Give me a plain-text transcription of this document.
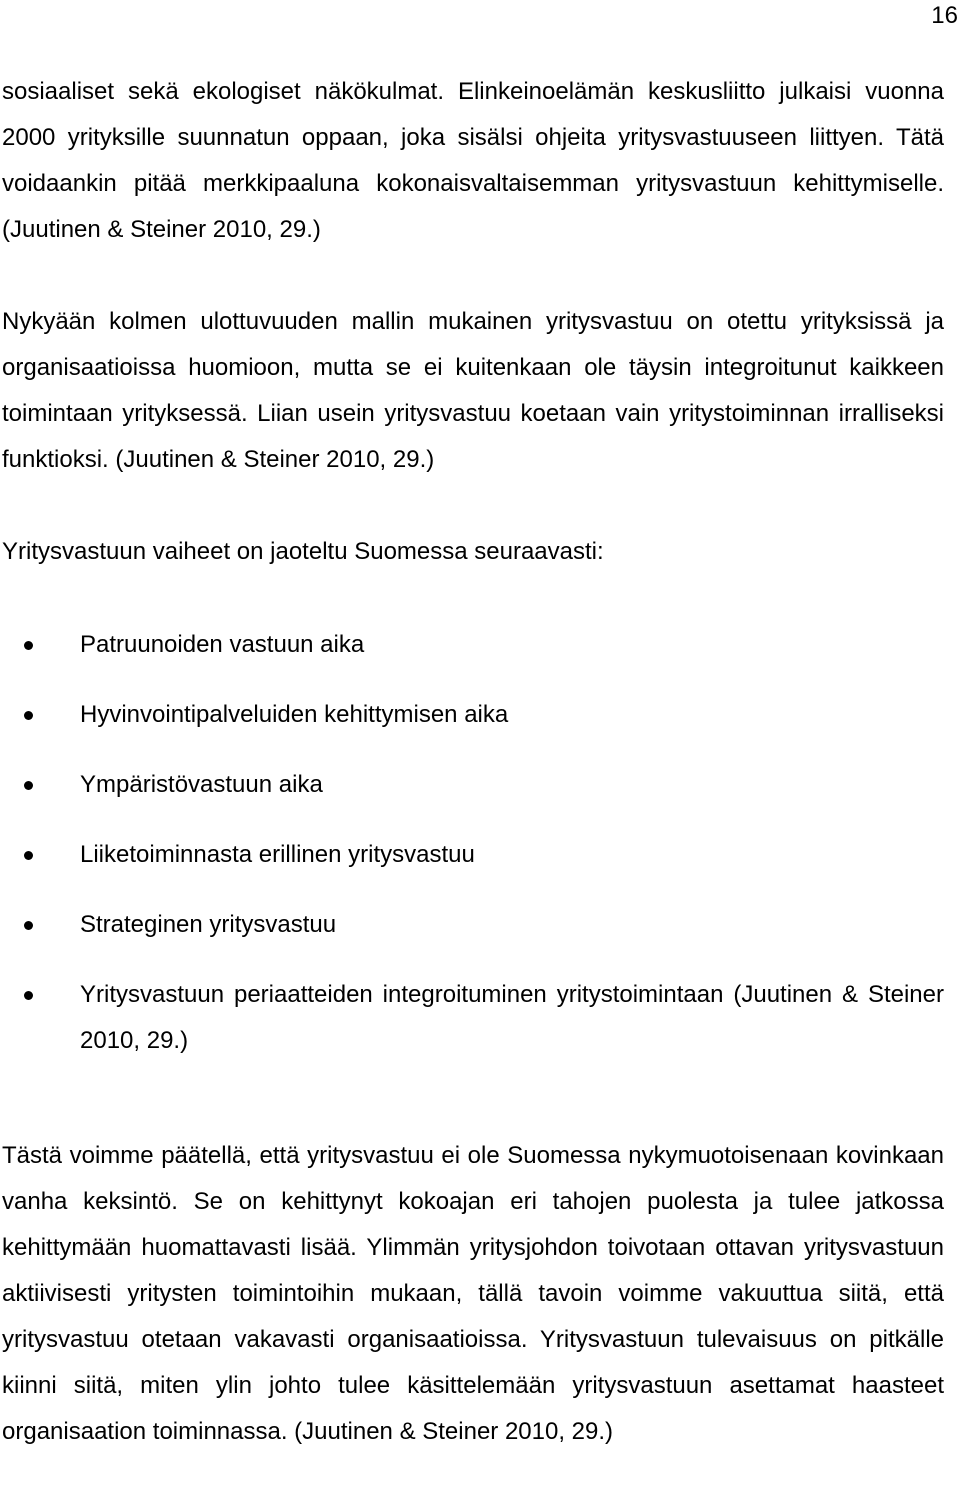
16

sosiaaliset sekä ekologiset näkökulmat. Elinkeinoelämän keskusliitto julkaisi vuonna 2000 yrityksille suunnatun oppaan, joka sisälsi ohjeita yritysvastuuseen liittyen. Tätä voidaankin pitää merkkipaaluna kokonaisvaltaisemman yritysvastuun kehittymiselle. (Juutinen & Steiner 2010, 29.)

Nykyään kolmen ulottuvuuden mallin mukainen yritysvastuu on otettu yrityksissä ja organisaatioissa huomioon, mutta se ei kuitenkaan ole täysin integroitunut kaikkeen toimintaan yrityksessä. Liian usein yritysvastuu koetaan vain yritystoiminnan irralliseksi funktioksi. (Juutinen & Steiner 2010, 29.)

Yritysvastuun vaiheet on jaoteltu Suomessa seuraavasti:

Patruunoiden vastuun aika
Hyvinvointipalveluiden kehittymisen aika
Ympäristövastuun aika
Liiketoiminnasta erillinen yritysvastuu
Strateginen yritysvastuu
Yritysvastuun periaatteiden integroituminen yritystoimintaan (Juutinen & Steiner 2010, 29.)

Tästä voimme päätellä, että yritysvastuu ei ole Suomessa nykymuotoisenaan kovinkaan vanha keksintö. Se on kehittynyt kokoajan eri tahojen puolesta ja tulee jatkossa kehittymään huomattavasti lisää. Ylimmän yritysjohdon toivotaan ottavan yritysvastuun aktiivisesti yritysten toimintoihin mukaan, tällä tavoin voimme vakuuttua siitä, että yritysvastuu otetaan vakavasti organisaatioissa. Yritysvastuun tulevaisuus on pitkälle kiinni siitä, miten ylin johto tulee käsittelemään yritysvastuun asettamat haasteet organisaation toiminnassa. (Juutinen & Steiner 2010, 29.)
